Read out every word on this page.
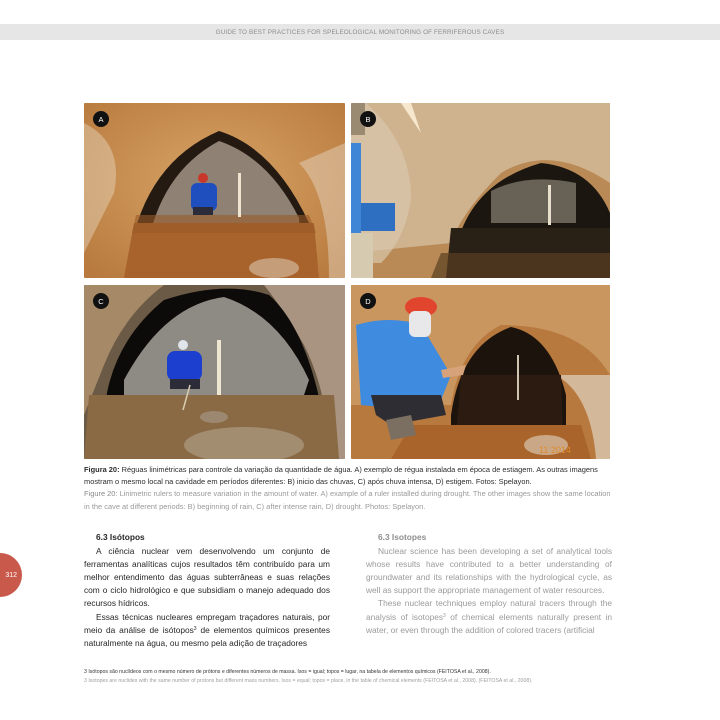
GUIDE TO BEST PRACTICES FOR SPELEOLOGICAL MONITORING OF FERRIFEROUS CAVES
A	B
C
11 2014
D
Figura 20: Réguas linimétricas para controle da variação da quantidade de água. A) exemplo de régua instalada em época de estiagem. As outras imagens mostram o mesmo local na cavidade em períodos diferentes: B) inicio das chuvas, C) após chuva intensa, D) estigem. Fotos: Spelayon.
Figure 20: Linimetric rulers to measure variation in the amount of water. A) example of a ruler installed during drought. The other images show the same location in the cave at different periods: B) beginning of rain, C) after intense rain, D) drought. Photos: Spelayon.
6.3 Isótopos

A ciência nuclear vem desenvolvendo um conjunto de ferramentas analíticas cujos resultados têm contribuído para um melhor entendimento das águas subterrâneas e suas relações com o ciclo hidrológico e que subsidiam o manejo adequado dos recursos hídricos.

Essas técnicas nucleares empregam traçadores naturais, por meio da análise de isótopos$^3$ de elementos químicos presentes naturalmente na água, ou mesmo pela adição de traçadores

6.3 Isotopes

Nuclear science has been developing a set of analytical tools whose results have contributed to a better understanding of groundwater and its relationships with the hydrological cycle, as well as support the appropriate management of water resources.

These nuclear techniques employ natural tracers through the analysis of isotopes$^3$ of chemical elements naturally present in water, or even through the addition of colored tracers (artificial

312
3 Isótopos são nuclídeos com o mesmo número de prótons e diferentes números de massa. Isos = igual; topos = lugar, na tabela de elementos químicos (FEITOSA et al., 2008).
3 Isotopes are nuclides with the same number of protons but different mass numbers. Isos = equal; topos = place, in the table of chemical elements (FEITOSA et al., 2008). (FEITOSA et al., 2008).
